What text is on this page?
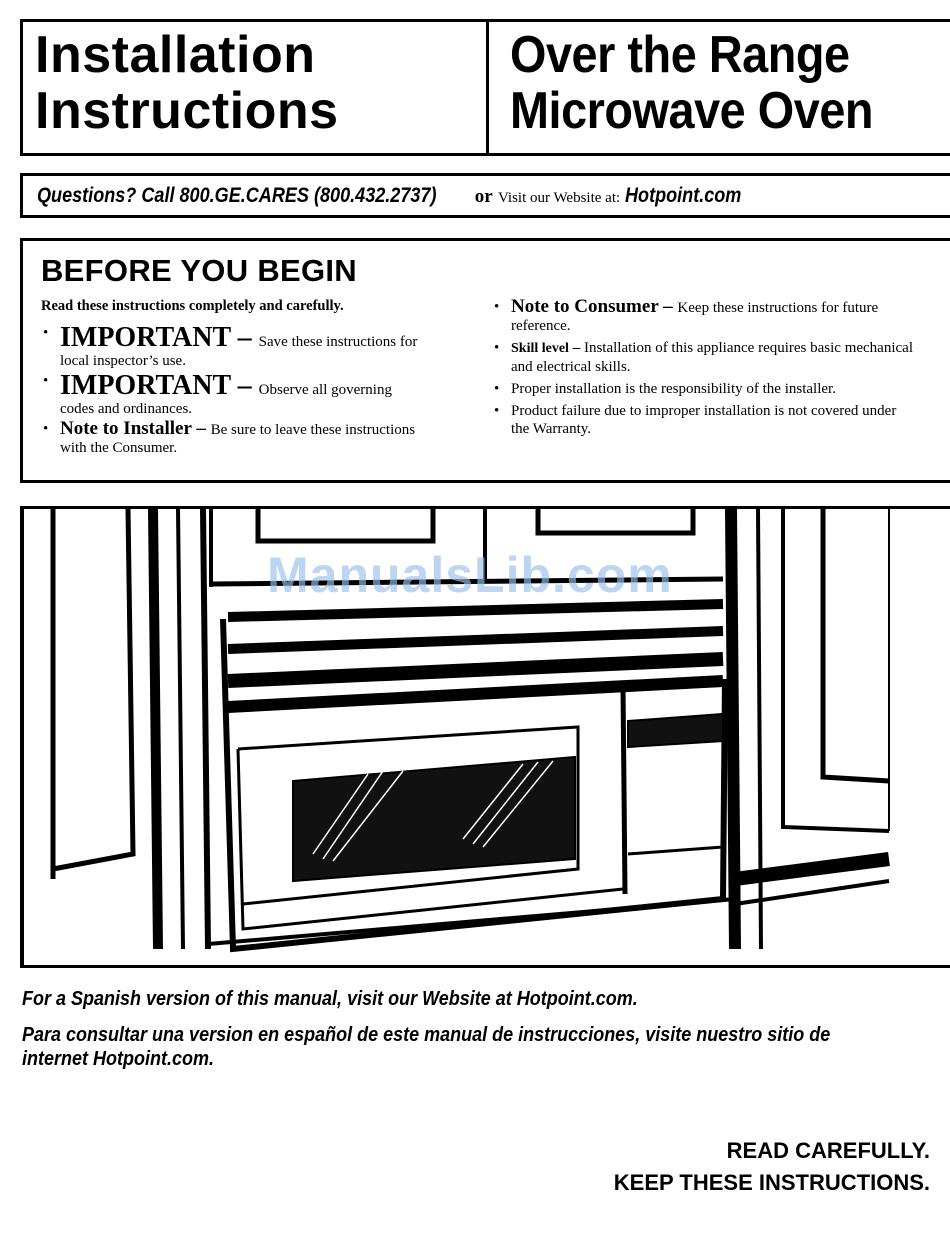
Installation
Instructions
Over the Range
Microwave Oven
Questions? Call 800.GE.CARES (800.432.2737) or Visit our Website at: Hotpoint.com
BEFORE YOU BEGIN
Read these instructions completely and carefully.
• IMPORTANT – Save these instructions for local inspector’s use.
• IMPORTANT – Observe all governing codes and ordinances.
• Note to Installer – Be sure to leave these instructions with the Consumer.
• Note to Consumer – Keep these instructions for future reference.
• Skill level – Installation of this appliance requires basic mechanical and electrical skills.
• Proper installation is the responsibility of the installer.
• Product failure due to improper installation is not covered under the Warranty.
ManualsLib.com
For a Spanish version of this manual, visit our Website at Hotpoint.com.
Para consultar una version en español de este manual de instrucciones, visite nuestro sitio de internet Hotpoint.com.
READ CAREFULLY.
KEEP THESE INSTRUCTIONS.
